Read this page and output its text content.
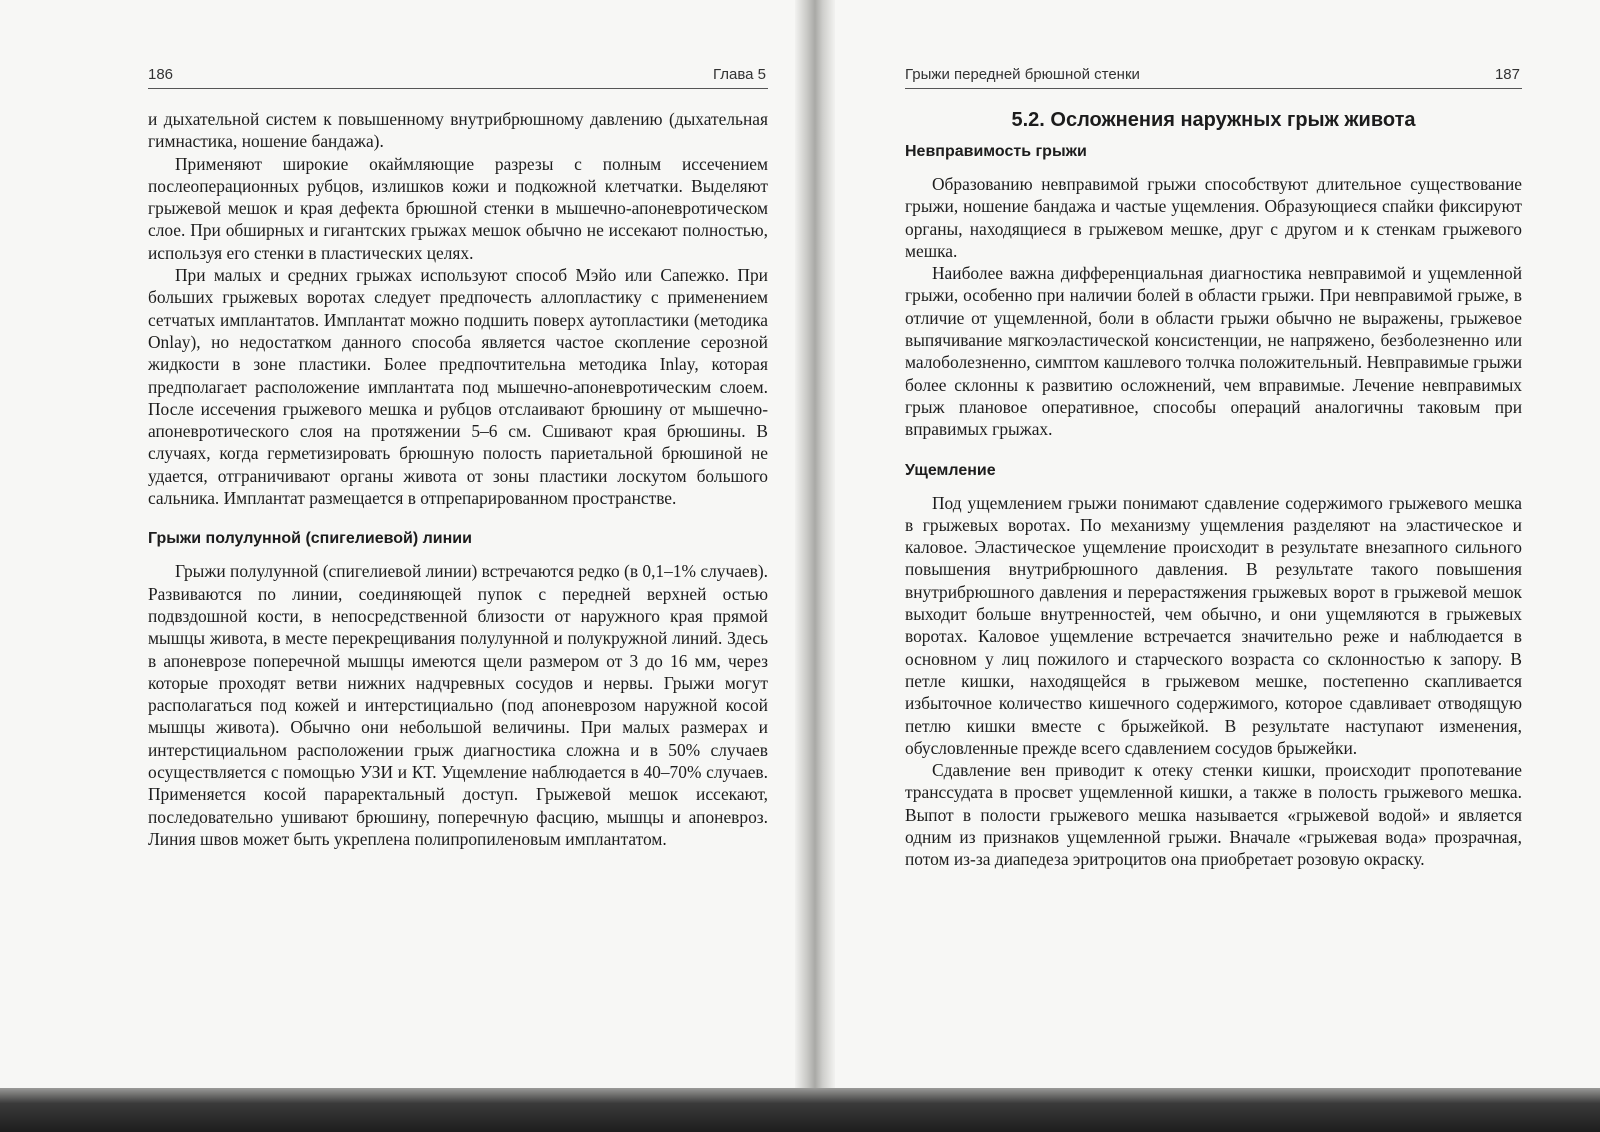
186	Глава 5	Грыжи передней брюшной стенки	187

и дыхательной систем к повышенному внутрибрюшному давлению (дыхательная гимнастика, ношение бандажа).

Применяют широкие окаймляющие разрезы с полным иссечением послеоперационных рубцов, излишков кожи и подкожной клетчатки. Выделяют грыжевой мешок и края дефекта брюшной стенки в мышечно-апоневротическом слое. При обширных и гигантских грыжах мешок обычно не иссекают полностью, используя его стенки в пластических целях.

При малых и средних грыжах используют способ Мэйо или Сапежко. При больших грыжевых воротах следует предпочесть аллопластику с применением сетчатых имплантатов. Имплантат можно подшить поверх аутопластики (методика Onlay), но недостатком данного способа является частое скопление серозной жидкости в зоне пластики. Более предпочтительна методика Inlay, которая предполагает расположение имплантата под мышечно-апоневротическим слоем. После иссечения грыжевого мешка и рубцов отслаивают брюшину от мышечно-апоневротического слоя на протяжении 5–6 см. Сшивают края брюшины. В случаях, когда герметизировать брюшную полость париетальной брюшиной не удается, отграничивают органы живота от зоны пластики лоскутом большого сальника. Имплантат размещается в отпрепарированном пространстве.

Грыжи полулунной (спигелиевой) линии

Грыжи полулунной (спигелиевой линии) встречаются редко (в 0,1–1% случаев). Развиваются по линии, соединяющей пупок с передней верхней остью подвздошной кости, в непосредственной близости от наружного края прямой мышцы живота, в месте перекрещивания полулунной и полукружной линий. Здесь в апоневрозе поперечной мышцы имеются щели размером от 3 до 16 мм, через которые проходят ветви нижних надчревных сосудов и нервы. Грыжи могут располагаться под кожей и интерстициально (под апоневрозом наружной косой мышцы живота). Обычно они небольшой величины. При малых размерах и интерстициальном расположении грыж диагностика сложна и в 50% случаев осуществляется с помощью УЗИ и КТ. Ущемление наблюдается в 40–70% случаев. Применяется косой параректальный доступ. Грыжевой мешок иссекают, последовательно ушивают брюшину, поперечную фасцию, мышцы и апоневроз. Линия швов может быть укреплена полипропиленовым имплантатом.

5.2. Осложнения наружных грыж живота
Невправимость грыжи

Образованию невправимой грыжи способствуют длительное существование грыжи, ношение бандажа и частые ущемления. Образующиеся спайки фиксируют органы, находящиеся в грыжевом мешке, друг с другом и к стенкам грыжевого мешка.

Наиболее важна дифференциальная диагностика невправимой и ущемленной грыжи, особенно при наличии болей в области грыжи. При невправимой грыже, в отличие от ущемленной, боли в области грыжи обычно не выражены, грыжевое выпячивание мягкоэластической консистенции, не напряжено, безболезненно или малоболезненно, симптом кашлевого толчка положительный. Невправимые грыжи более склонны к развитию осложнений, чем вправимые. Лечение невправимых грыж плановое оперативное, способы операций аналогичны таковым при вправимых грыжах.

Ущемление

Под ущемлением грыжи понимают сдавление содержимого грыжевого мешка в грыжевых воротах. По механизму ущемления разделяют на эластическое и каловое. Эластическое ущемление происходит в результате внезапного сильного повышения внутрибрюшного давления. В результате такого повышения внутрибрюшного давления и перерастяжения грыжевых ворот в грыжевой мешок выходит больше внутренностей, чем обычно, и они ущемляются в грыжевых воротах. Каловое ущемление встречается значительно реже и наблюдается в основном у лиц пожилого и старческого возраста со склонностью к запору. В петле кишки, находящейся в грыжевом мешке, постепенно скапливается избыточное количество кишечного содержимого, которое сдавливает отводящую петлю кишки вместе с брыжейкой. В результате наступают изменения, обусловленные прежде всего сдавлением сосудов брыжейки.

Сдавление вен приводит к отеку стенки кишки, происходит пропотевание транссудата в просвет ущемленной кишки, а также в полость грыжевого мешка. Выпот в полости грыжевого мешка называется «грыжевой водой» и является одним из признаков ущемленной грыжи. Вначале «грыжевая вода» прозрачная, потом из-за диапедеза эритроцитов она приобретает розовую окраску.
